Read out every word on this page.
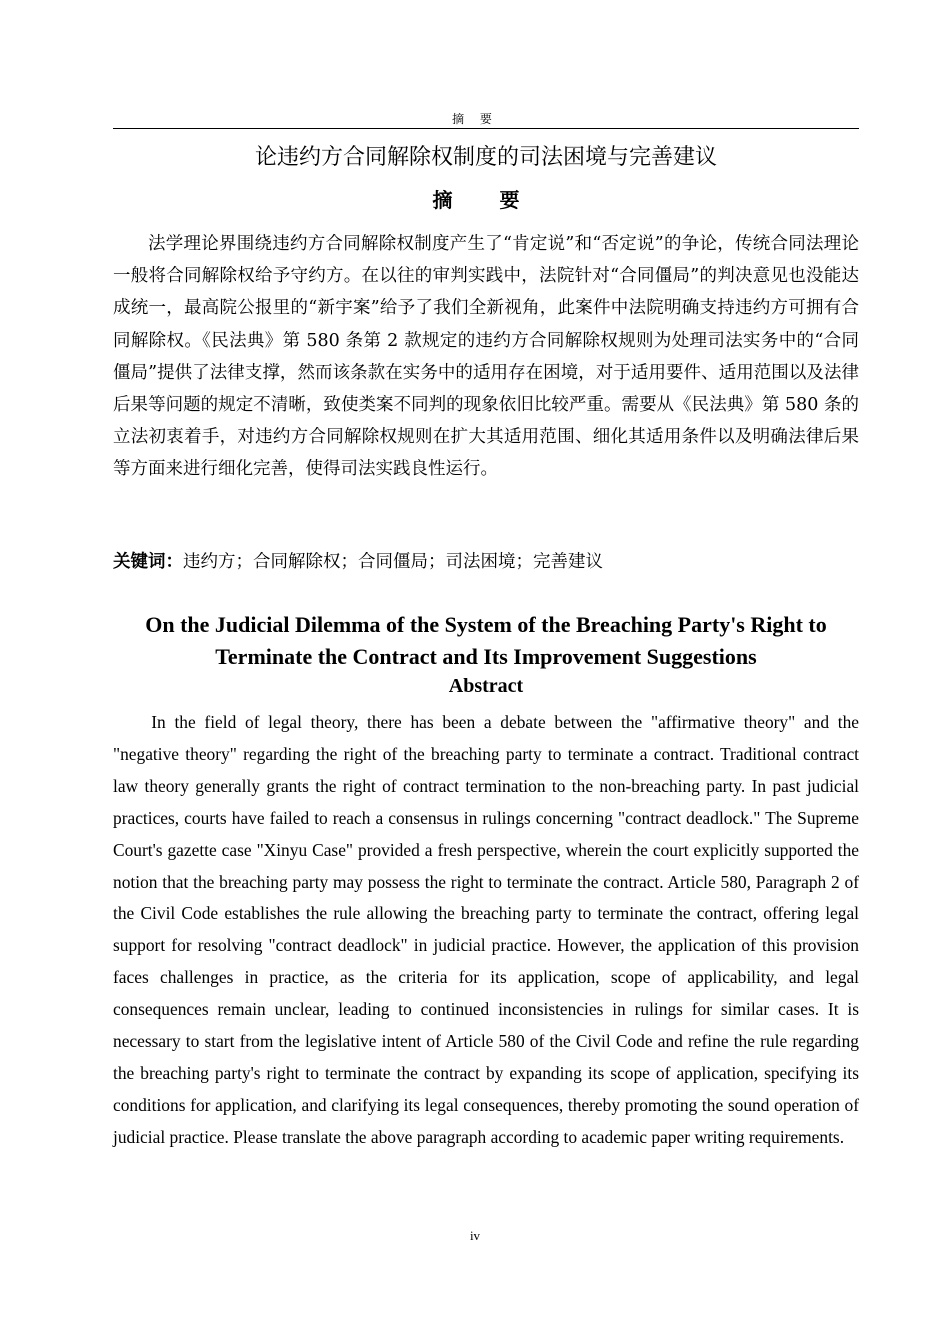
摘 要
论违约方合同解除权制度的司法困境与完善建议
摘 要

法学理论界围绕违约方合同解除权制度产生了“肯定说”和“否定说”的争论，传统合同法理论一般将合同解除权给予守约方。在以往的审判实践中，法院针对“合同僵局”的判决意见也没能达成统一，最高院公报里的“新宇案”给予了我们全新视角，此案件中法院明确支持违约方可拥有合同解除权。《民法典》第 580 条第 2 款规定的违约方合同解除权规则为处理司法实务中的“合同僵局”提供了法律支撑，然而该条款在实务中的适用存在困境，对于适用要件、适用范围以及法律后果等问题的规定不清晰，致使类案不同判的现象依旧比较严重。需要从《民法典》第 580 条的立法初衷着手，对违约方合同解除权规则在扩大其适用范围、细化其适用条件以及明确法律后果等方面来进行细化完善，使得司法实践良性运行。

关键词：违约方；合同解除权；合同僵局；司法困境；完善建议
On the Judicial Dilemma of the System of the Breaching Party's Right to Terminate the Contract and Its Improvement Suggestions
Abstract

In the field of legal theory, there has been a debate between the "affirmative theory" and the "negative theory" regarding the right of the breaching party to terminate a contract. Traditional contract law theory generally grants the right of contract termination to the non-breaching party. In past judicial practices, courts have failed to reach a consensus in rulings concerning "contract deadlock." The Supreme Court's gazette case "Xinyu Case" provided a fresh perspective, wherein the court explicitly supported the notion that the breaching party may possess the right to terminate the contract. Article 580, Paragraph 2 of the Civil Code establishes the rule allowing the breaching party to terminate the contract, offering legal support for resolving "contract deadlock" in judicial practice. However, the application of this provision faces challenges in practice, as the criteria for its application, scope of applicability, and legal consequences remain unclear, leading to continued inconsistencies in rulings for similar cases. It is necessary to start from the legislative intent of Article 580 of the Civil Code and refine the rule regarding the breaching party's right to terminate the contract by expanding its scope of application, specifying its conditions for application, and clarifying its legal consequences, thereby promoting the sound operation of judicial practice. Please translate the above paragraph according to academic paper writing requirements.

iv
